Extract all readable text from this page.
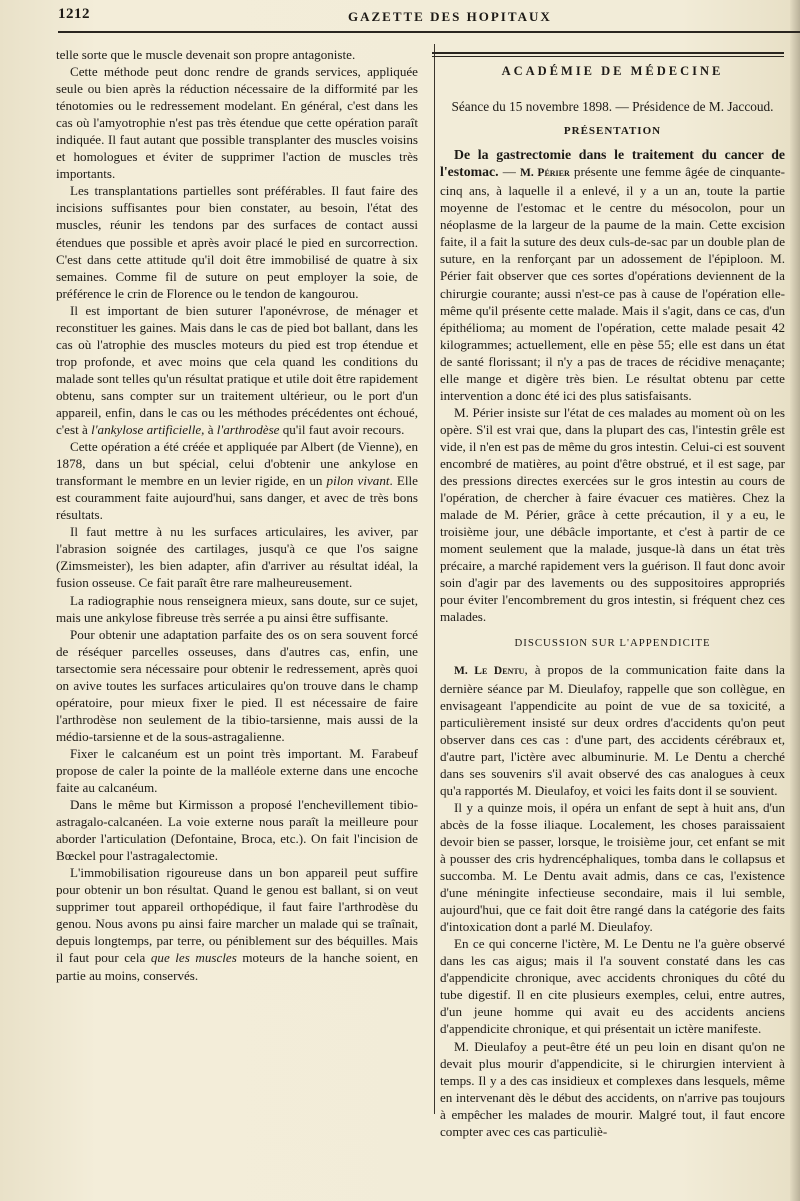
1212	GAZETTE DES HOPITAUX

telle sorte que le muscle devenait son propre antagoniste.

Cette méthode peut donc rendre de grands services, appliquée seule ou bien après la réduction nécessaire de la difformité par les ténotomies ou le redressement modelant. En général, c'est dans les cas où l'amyotrophie n'est pas très étendue que cette opération paraît indiquée. Il faut autant que possible transplanter des muscles voisins et homologues et éviter de supprimer l'action de muscles très importants.

Les transplantations partielles sont préférables. Il faut faire des incisions suffisantes pour bien constater, au besoin, l'état des muscles, réunir les tendons par des surfaces de contact aussi étendues que possible et après avoir placé le pied en surcorrection. C'est dans cette attitude qu'il doit être immobilisé de quatre à six semaines. Comme fil de suture on peut employer la soie, de préférence le crin de Florence ou le tendon de kangourou.

Il est important de bien suturer l'aponévrose, de ménager et reconstituer les gaines. Mais dans le cas de pied bot ballant, dans les cas où l'atrophie des muscles moteurs du pied est trop étendue et trop profonde, et avec moins que cela quand les conditions du malade sont telles qu'un résultat pratique et utile doit être rapidement obtenu, sans compter sur un traitement ultérieur, ou le port d'un appareil, enfin, dans le cas ou les méthodes précédentes ont échoué, c'est à l'ankylose artificielle, à l'arthrodèse qu'il faut avoir recours.

Cette opération a été créée et appliquée par Albert (de Vienne), en 1878, dans un but spécial, celui d'obtenir une ankylose en transformant le membre en un levier rigide, en un pilon vivant. Elle est couramment faite aujourd'hui, sans danger, et avec de très bons résultats.

Il faut mettre à nu les surfaces articulaires, les aviver, par l'abrasion soignée des cartilages, jusqu'à ce que l'os saigne (Zimsmeister), les bien adapter, afin d'arriver au résultat idéal, la fusion osseuse. Ce fait paraît être rare malheureusement.

La radiographie nous renseignera mieux, sans doute, sur ce sujet, mais une ankylose fibreuse très serrée a pu ainsi être suffisante.

Pour obtenir une adaptation parfaite des os on sera souvent forcé de réséquer parcelles osseuses, dans d'autres cas, enfin, une tarsectomie sera nécessaire pour obtenir le redressement, après quoi on avive toutes les surfaces articulaires qu'on trouve dans le champ opératoire, pour mieux fixer le pied. Il est nécessaire de faire l'arthrodèse non seulement de la tibio-tarsienne, mais aussi de la médio-tarsienne et de la sous-astragalienne.

Fixer le calcanéum est un point très important. M. Farabeuf propose de caler la pointe de la malléole externe dans une encoche faite au calcanéum.

Dans le même but Kirmisson a proposé l'enchevillement tibio-astragalo-calcanéen. La voie externe nous paraît la meilleure pour aborder l'articulation (Defontaine, Broca, etc.). On fait l'incision de Bœckel pour l'astragalectomie.

L'immobilisation rigoureuse dans un bon appareil peut suffire pour obtenir un bon résultat. Quand le genou est ballant, si on veut supprimer tout appareil orthopédique, il faut faire l'arthrodèse du genou. Nous avons pu ainsi faire marcher un malade qui se traînait, depuis longtemps, par terre, ou péniblement sur des béquilles. Mais il faut pour cela que les muscles moteurs de la hanche soient, en partie au moins, conservés.

ACADÉMIE DE MÉDECINE
Séance du 15 novembre 1898. — Présidence de M. Jaccoud.
PRÉSENTATION

De la gastrectomie dans le traitement du cancer de l'estomac. — M. Périer présente une femme âgée de cinquante-cinq ans, à laquelle il a enlevé, il y a un an, toute la partie moyenne de l'estomac et le centre du mésocolon, pour un néoplasme de la largeur de la paume de la main. Cette excision faite, il a fait la suture des deux culs-de-sac par un double plan de suture, en la renforçant par un adossement de l'épiploon. M. Périer fait observer que ces sortes d'opérations deviennent de la chirurgie courante; aussi n'est-ce pas à cause de l'opération elle-même qu'il présente cette malade. Mais il s'agit, dans ce cas, d'un épithélioma; au moment de l'opération, cette malade pesait 42 kilogrammes; actuellement, elle en pèse 55; elle est dans un état de santé florissant; il n'y a pas de traces de récidive menaçante; elle mange et digère très bien. Le résultat obtenu par cette intervention a donc été ici des plus satisfaisants.

M. Périer insiste sur l'état de ces malades au moment où on les opère. S'il est vrai que, dans la plupart des cas, l'intestin grêle est vide, il n'en est pas de même du gros intestin. Celui-ci est souvent encombré de matières, au point d'être obstrué, et il est sage, par des pressions directes exercées sur le gros intestin au cours de l'opération, de chercher à faire évacuer ces matières. Chez la malade de M. Périer, grâce à cette précaution, il y a eu, le troisième jour, une débâcle importante, et c'est à partir de ce moment seulement que la malade, jusque-là dans un état très précaire, a marché rapidement vers la guérison. Il faut donc avoir soin d'agir par des lavements ou des suppositoires appropriés pour éviter l'encombrement du gros intestin, si fréquent chez ces malades.

DISCUSSION SUR L'APPENDICITE

M. Le Dentu, à propos de la communication faite dans la dernière séance par M. Dieulafoy, rappelle que son collègue, en envisageant l'appendicite au point de vue de sa toxicité, a particulièrement insisté sur deux ordres d'accidents qu'on peut observer dans ces cas : d'une part, des accidents cérébraux et, d'autre part, l'ictère avec albuminurie. M. Le Dentu a cherché dans ses souvenirs s'il avait observé des cas analogues à ceux qu'a rapportés M. Dieulafoy, et voici les faits dont il se souvient.

Il y a quinze mois, il opéra un enfant de sept à huit ans, d'un abcès de la fosse iliaque. Localement, les choses paraissaient devoir bien se passer, lorsque, le troisième jour, cet enfant se mit à pousser des cris hydrencéphaliques, tomba dans le collapsus et succomba. M. Le Dentu avait admis, dans ce cas, l'existence d'une méningite infectieuse secondaire, mais il lui semble, aujourd'hui, que ce fait doit être rangé dans la catégorie des faits d'intoxication dont a parlé M. Dieulafoy.

En ce qui concerne l'ictère, M. Le Dentu ne l'a guère observé dans les cas aigus; mais il l'a souvent constaté dans les cas d'appendicite chronique, avec accidents chroniques du côté du tube digestif. Il en cite plusieurs exemples, celui, entre autres, d'un jeune homme qui avait eu des accidents anciens d'appendicite chronique, et qui présentait un ictère manifeste.

M. Dieulafoy a peut-être été un peu loin en disant qu'on ne devait plus mourir d'appendicite, si le chirurgien intervient à temps. Il y a des cas insidieux et complexes dans lesquels, même en intervenant dès le début des accidents, on n'arrive pas toujours à empêcher les malades de mourir. Malgré tout, il faut encore compter avec ces cas particuliè-
